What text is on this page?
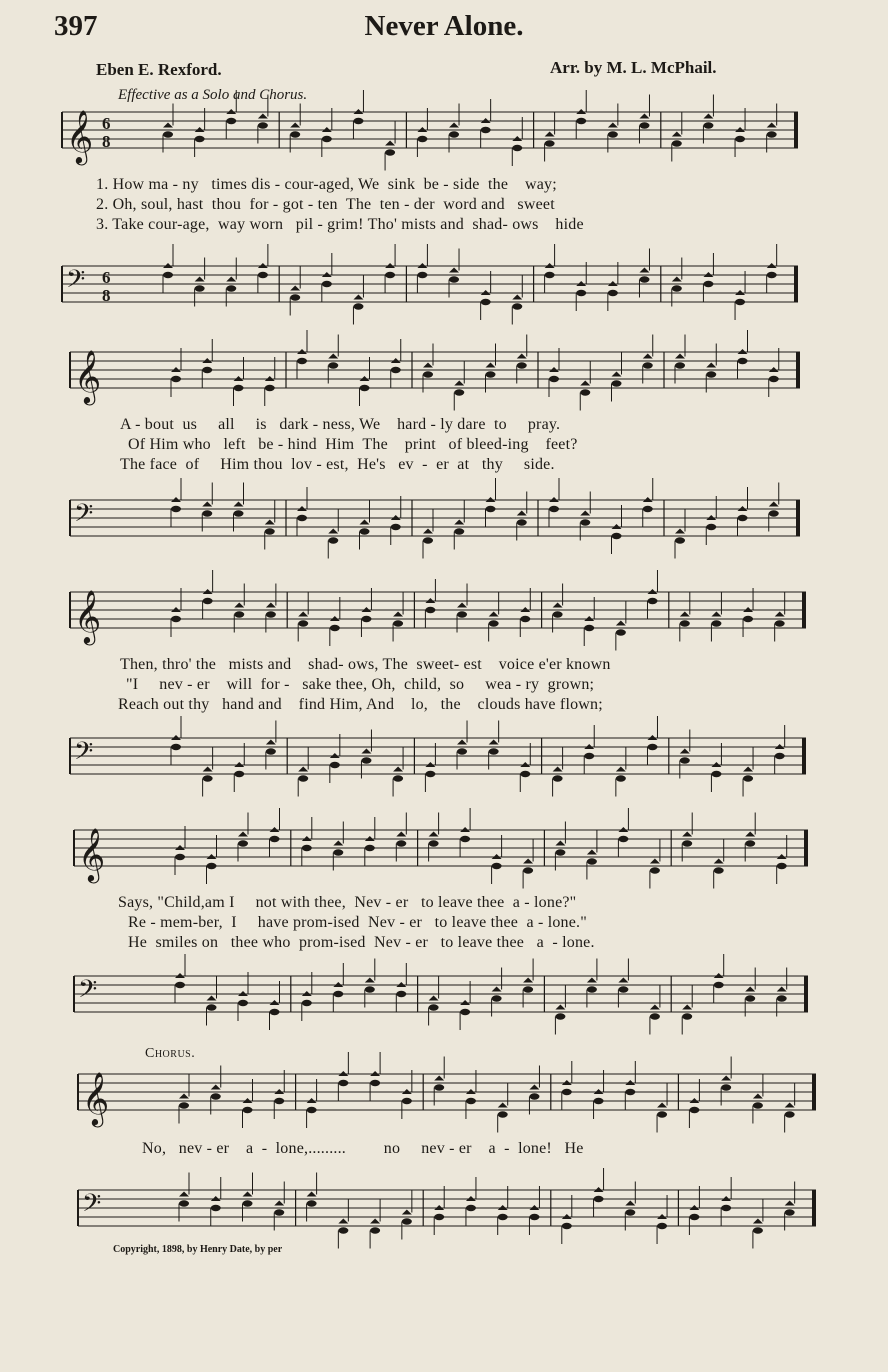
397	Never Alone.
Eben E. Rexford.	Arr. by M. L. McPhail.
Effective as a Solo and Chorus.
𝄞 6
8
1. How ma - ny   times dis - cour-aged, We  sink  be - side  the    way;
2. Oh, soul, hast  thou  for - got - ten  The  ten - der  word and   sweet
3. Take cour-age,  way worn   pil - grim! Tho' mists and  shad- ows    hide
𝄢 6
8
𝄞
A - bout  us     all     is   dark - ness, We    hard - ly dare  to     pray.
Of Him who   left   be - hind  Him  The    print   of bleed-ing    feet?
The face  of     Him thou  lov - est,  He's   ev  -  er  at   thy     side.
𝄢
𝄞
Then, thro' the   mists and    shad- ows, The  sweet- est    voice e'er known
"I     nev - er    will  for -   sake thee, Oh,  child,  so     wea - ry  grown;
Reach out thy   hand and    find Him, And    lo,   the    clouds have flown;
𝄢
𝄞
Says, "Child,am I     not with thee,  Nev - er   to leave thee  a - lone?"
Re - mem-ber,  I     have prom-ised  Nev - er   to leave thee  a - lone."
He  smiles on   thee who  prom-ised  Nev - er   to leave thee   a  - lone.
𝄢
Chorus.
𝄞
No,   nev - er    a  -  lone,.........         no     nev - er    a  -  lone!   He
𝄢
Copyright, 1898, by Henry Date, by per
